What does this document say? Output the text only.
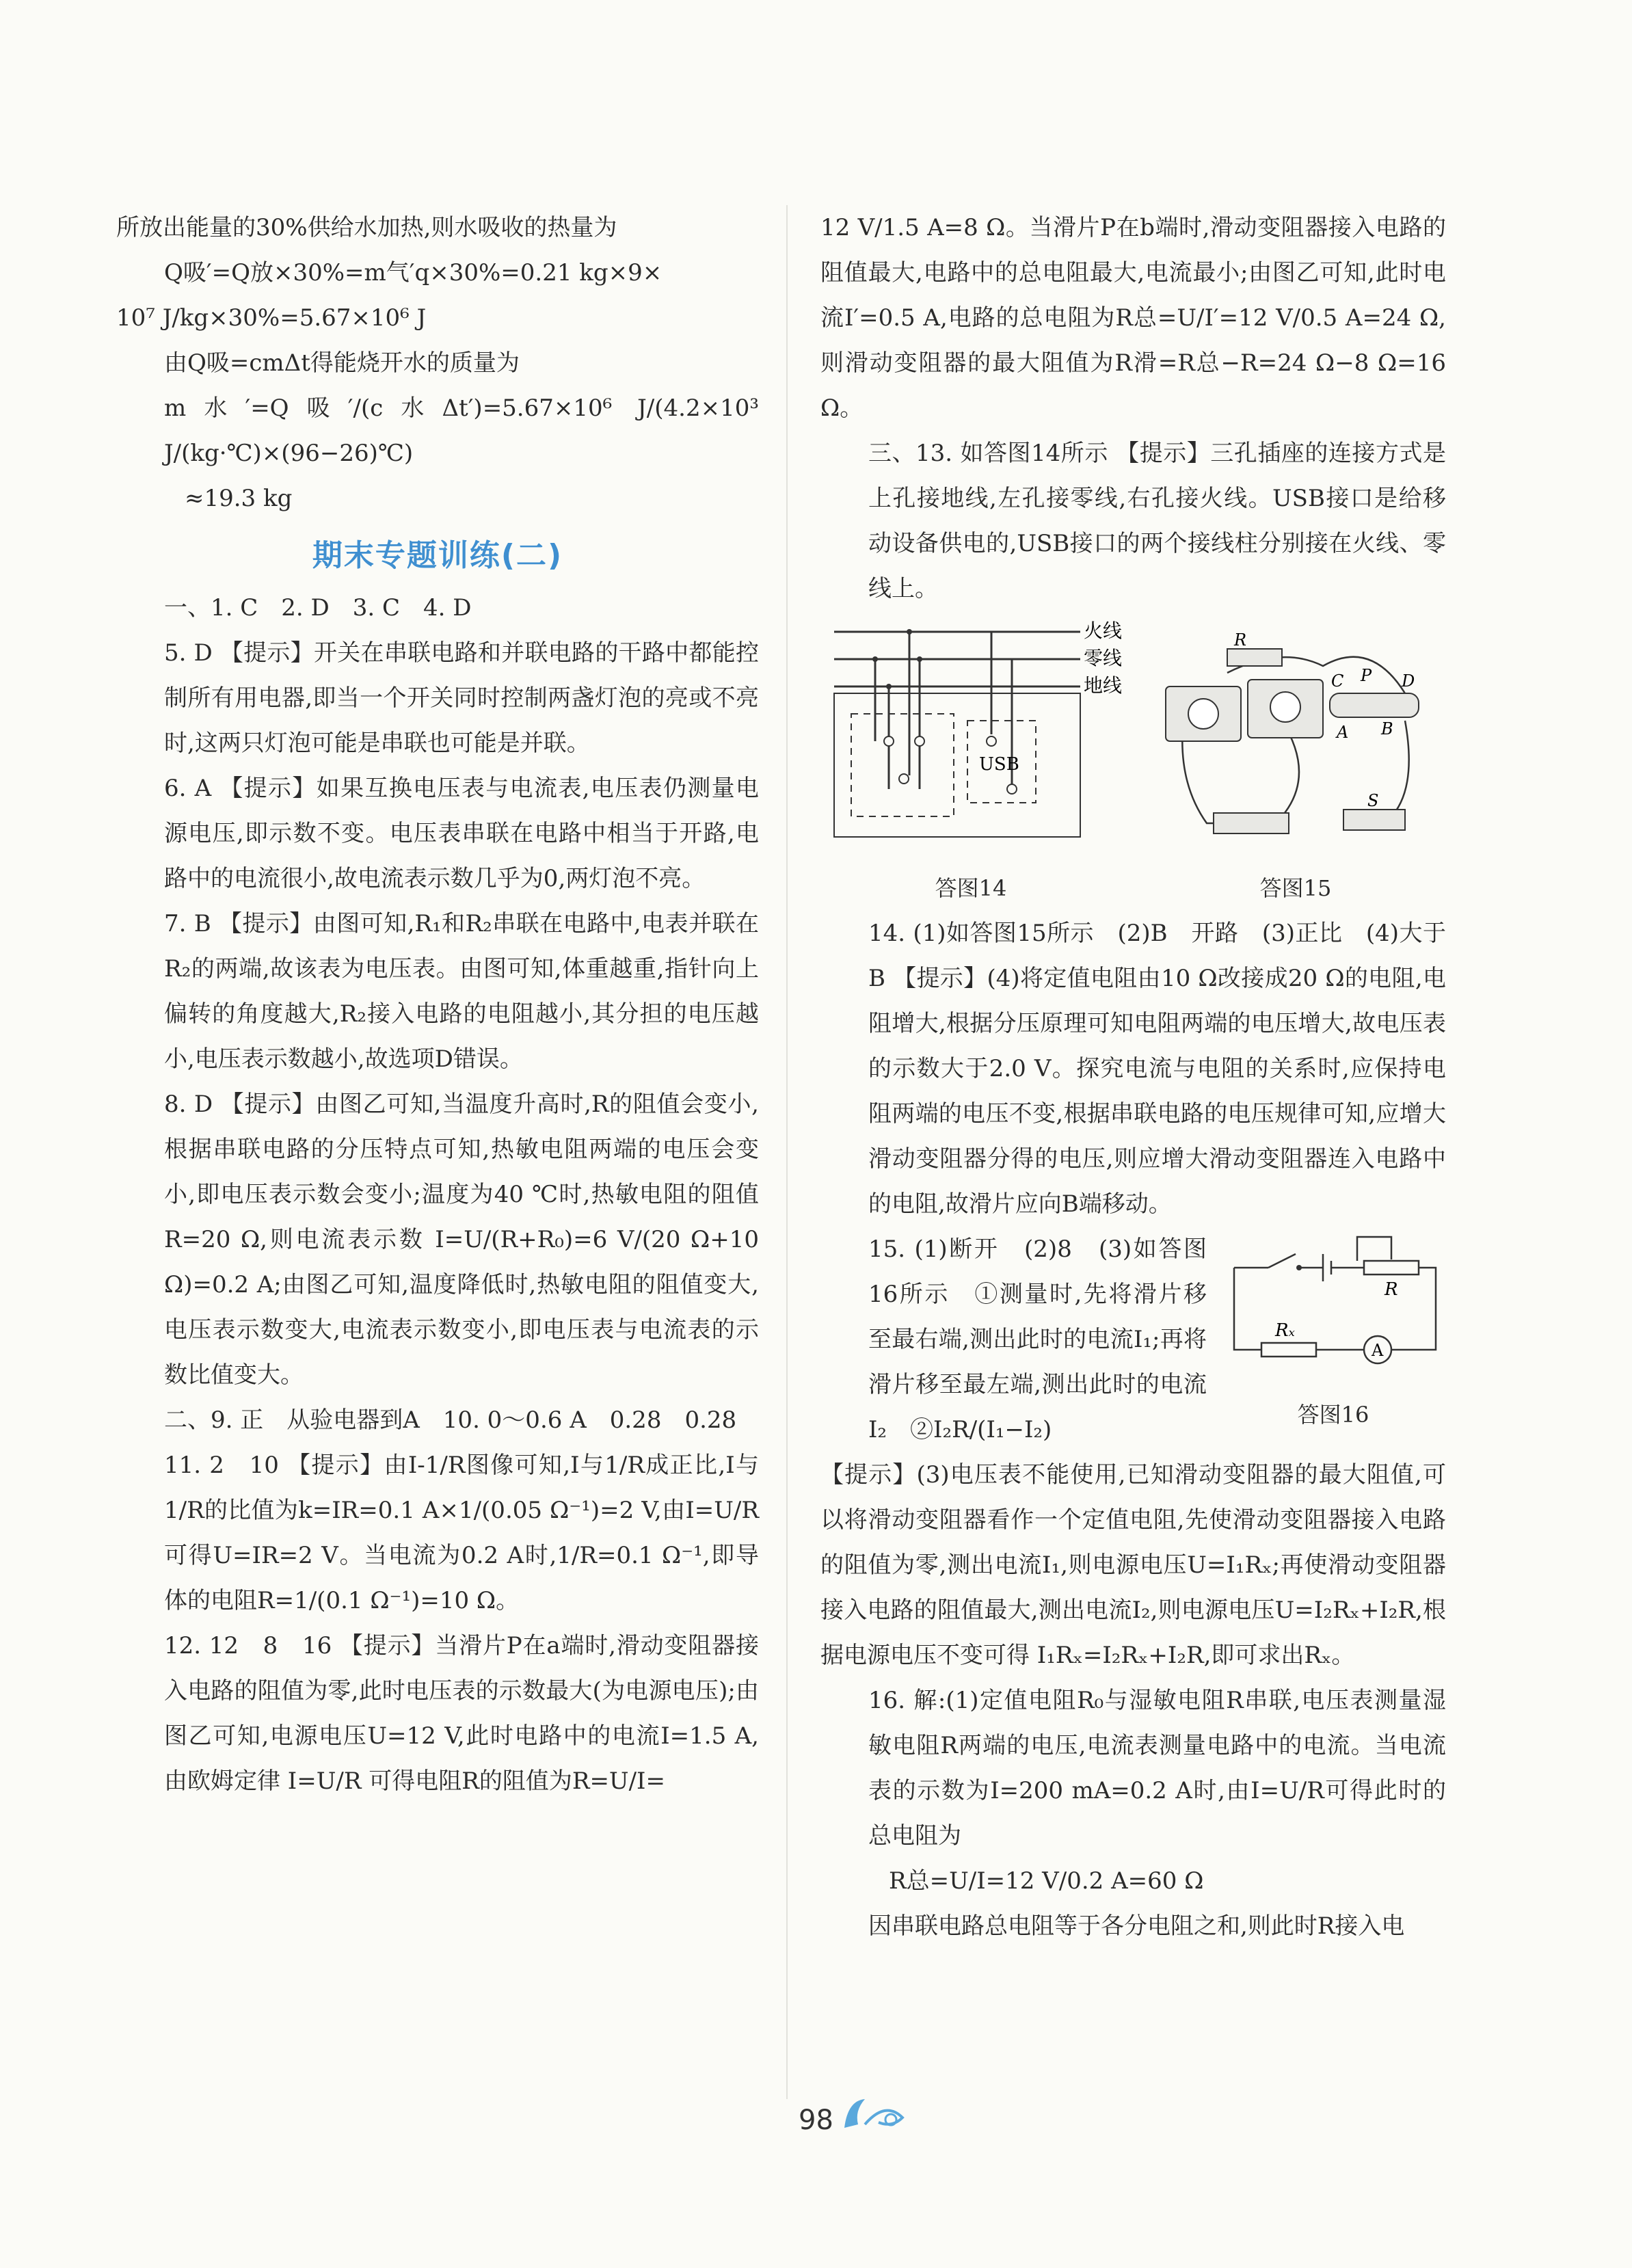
所放出能量的30%供给水加热,则水吸收的热量为

Q吸′=Q放×30%=m气′q×30%=0.21 kg×9×

10⁷ J/kg×30%=5.67×10⁶ J

由Q吸=cmΔt得能烧开水的质量为

m水′=Q吸′/(c水Δt′)=5.67×10⁶ J/(4.2×10³ J/(kg·℃)×(96−26)℃)

≈19.3 kg

期末专题训练(二)

一、1. C　2. D　3. C　4. D

5. D 【提示】开关在串联电路和并联电路的干路中都能控制所有用电器,即当一个开关同时控制两盏灯泡的亮或不亮时,这两只灯泡可能是串联也可能是并联。

6. A 【提示】如果互换电压表与电流表,电压表仍测量电源电压,即示数不变。电压表串联在电路中相当于开路,电路中的电流很小,故电流表示数几乎为0,两灯泡不亮。

7. B 【提示】由图可知,R₁和R₂串联在电路中,电表并联在R₂的两端,故该表为电压表。由图可知,体重越重,指针向上偏转的角度越大,R₂接入电路的电阻越小,其分担的电压越小,电压表示数越小,故选项D错误。

8. D 【提示】由图乙可知,当温度升高时,R的阻值会变小,根据串联电路的分压特点可知,热敏电阻两端的电压会变小,即电压表示数会变小;温度为40 ℃时,热敏电阻的阻值R=20 Ω,则电流表示数 I=U/(R+R₀)=6 V/(20 Ω+10 Ω)=0.2 A;由图乙可知,温度降低时,热敏电阻的阻值变大,电压表示数变大,电流表示数变小,即电压表与电流表的示数比值变大。

二、9. 正　从验电器到A　10. 0～0.6 A　0.28　0.28

11. 2　10 【提示】由I-1/R图像可知,I与1/R成正比,I与1/R的比值为k=IR=0.1 A×1/(0.05 Ω⁻¹)=2 V,由I=U/R可得U=IR=2 V。当电流为0.2 A时,1/R=0.1 Ω⁻¹,即导体的电阻R=1/(0.1 Ω⁻¹)=10 Ω。

12. 12　8　16 【提示】当滑片P在a端时,滑动变阻器接入电路的阻值为零,此时电压表的示数最大(为电源电压);由图乙可知,电源电压U=12 V,此时电路中的电流I=1.5 A,由欧姆定律 I=U/R 可得电阻R的阻值为R=U/I=

12 V/1.5 A=8 Ω。当滑片P在b端时,滑动变阻器接入电路的阻值最大,电路中的总电阻最大,电流最小;由图乙可知,此时电流I′=0.5 A,电路的总电阻为R总=U/I′=12 V/0.5 A=24 Ω,则滑动变阻器的最大阻值为R滑=R总−R=24 Ω−8 Ω=16 Ω。

三、13. 如答图14所示 【提示】三孔插座的连接方式是上孔接地线,左孔接零线,右孔接火线。USB接口是给移动设备供电的,USB接口的两个接线柱分别接在火线、零线上。

火线
零线
地线
USB
答图14
R
C P D
A B
S
答图15

14. (1)如答图15所示　(2)B　开路　(3)正比　(4)大于　B 【提示】(4)将定值电阻由10 Ω改接成20 Ω的电阻,电阻增大,根据分压原理可知电阻两端的电压增大,故电压表的示数大于2.0 V。探究电流与电阻的关系时,应保持电阻两端的电压不变,根据串联电路的电压规律可知,应增大滑动变阻器分得的电压,则应增大滑动变阻器连入电路中的电阻,故滑片应向B端移动。

R
Rₓ
A
答图16

15. (1)断开　(2)8　(3)如答图16所示　①测量时,先将滑片移至最右端,测出此时的电流I₁;再将滑片移至最左端,测出此时的电流I₂　②I₂R/(I₁−I₂)

【提示】(3)电压表不能使用,已知滑动变阻器的最大阻值,可以将滑动变阻器看作一个定值电阻,先使滑动变阻器接入电路的阻值为零,测出电流I₁,则电源电压U=I₁Rₓ;再使滑动变阻器接入电路的阻值最大,测出电流I₂,则电源电压U=I₂Rₓ+I₂R,根据电源电压不变可得 I₁Rₓ=I₂Rₓ+I₂R,即可求出Rₓ。

16. 解:(1)定值电阻R₀与湿敏电阻R串联,电压表测量湿敏电阻R两端的电压,电流表测量电路中的电流。当电流表的示数为I=200 mA=0.2 A时,由I=U/R可得此时的总电阻为

R总=U/I=12 V/0.2 A=60 Ω

因串联电路总电阻等于各分电阻之和,则此时R接入电

98
